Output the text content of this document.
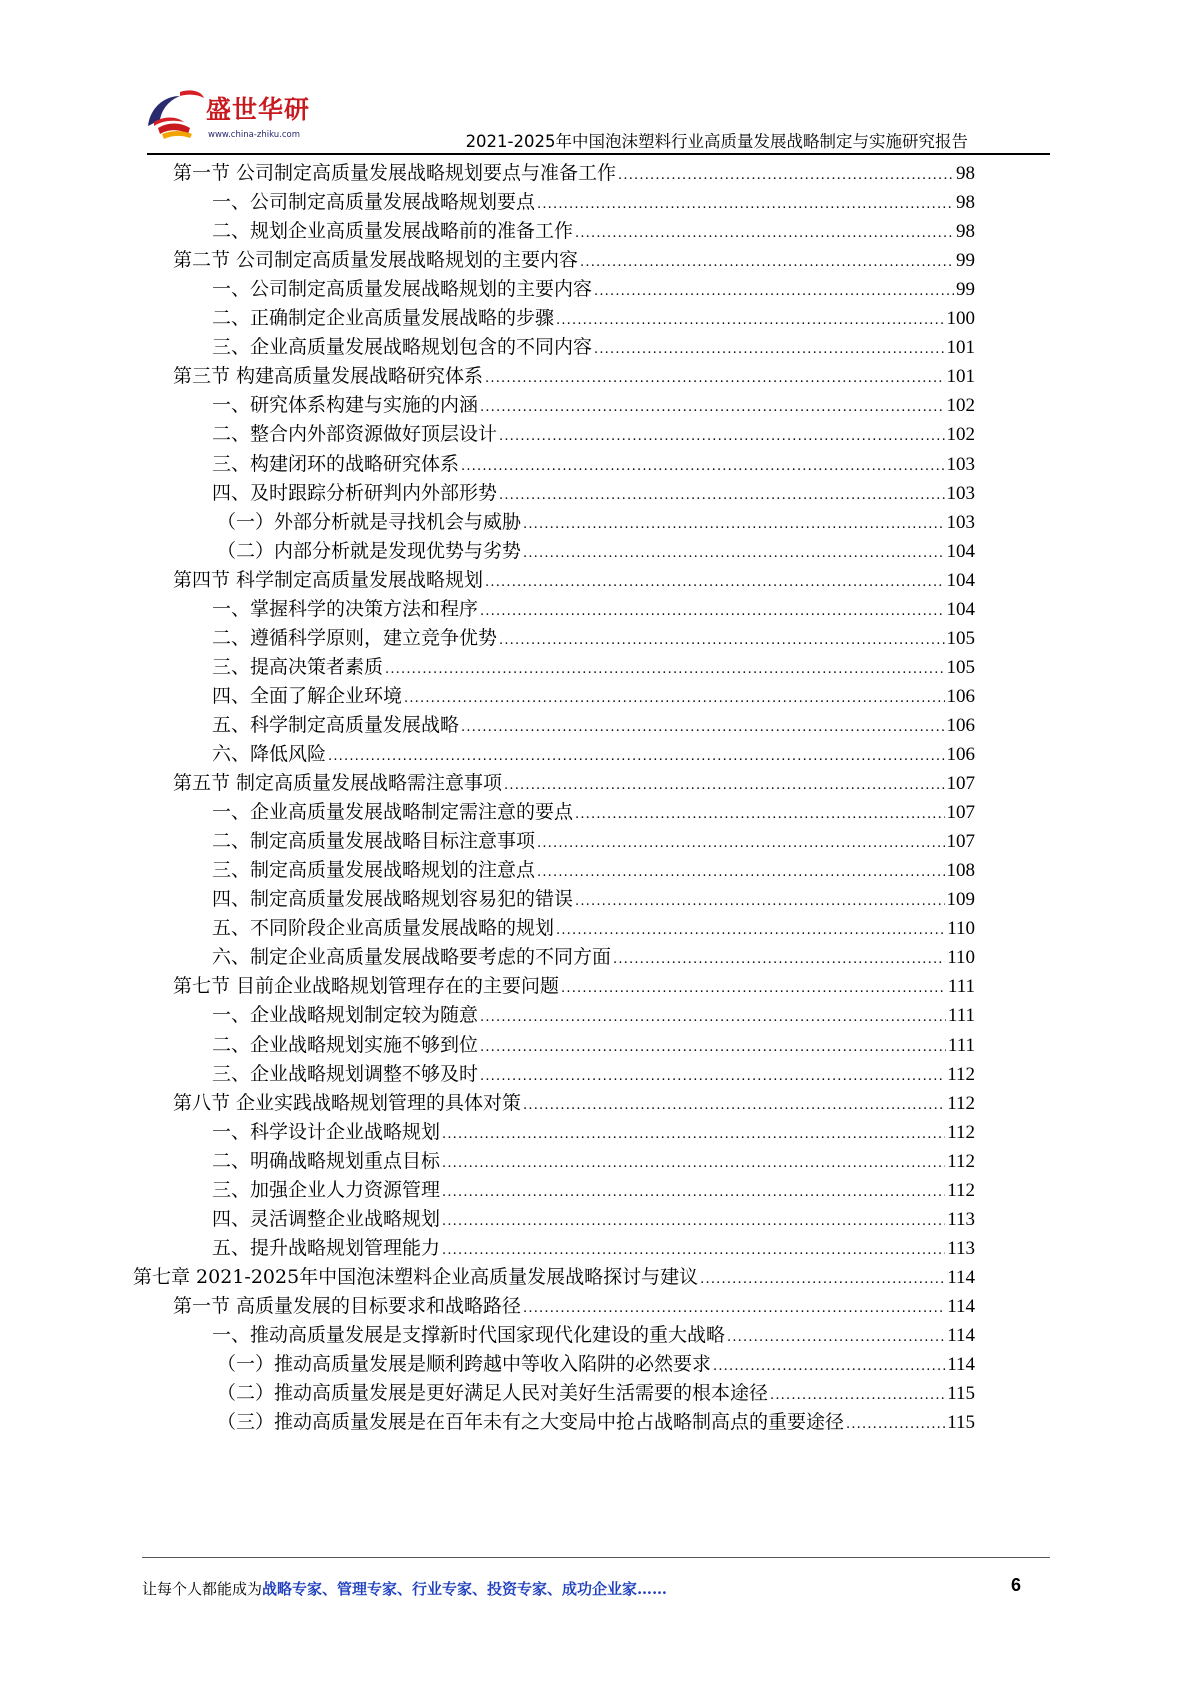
盛世华研
www.china-zhiku.com	2021-2025年中国泡沫塑料行业高质量发展战略制定与实施研究报告
第一节 公司制定高质量发展战略规划要点与准备工作 .....	98
一、公司制定高质量发展战略规划要点 .....	98
二、规划企业高质量发展战略前的准备工作 .....	98
第二节 公司制定高质量发展战略规划的主要内容 .....	99
一、公司制定高质量发展战略规划的主要内容 .....	99
二、正确制定企业高质量发展战略的步骤 .....	100
三、企业高质量发展战略规划包含的不同内容 .....	101
第三节 构建高质量发展战略研究体系 .....	101
一、研究体系构建与实施的内涵 .....	102
二、整合内外部资源做好顶层设计 .....	102
三、构建闭环的战略研究体系 .....	103
四、及时跟踪分析研判内外部形势 .....	103
（一）外部分析就是寻找机会与威胁 .....	103
（二）内部分析就是发现优势与劣势 .....	104
第四节 科学制定高质量发展战略规划 .....	104
一、掌握科学的决策方法和程序 .....	104
二、遵循科学原则，建立竞争优势 .....	105
三、提高决策者素质 .....	105
四、全面了解企业环境 .....	106
五、科学制定高质量发展战略 .....	106
六、降低风险 .....	106
第五节 制定高质量发展战略需注意事项 .....	107
一、企业高质量发展战略制定需注意的要点 .....	107
二、制定高质量发展战略目标注意事项 .....	107
三、制定高质量发展战略规划的注意点 .....	108
四、制定高质量发展战略规划容易犯的错误 .....	109
五、不同阶段企业高质量发展战略的规划 .....	110
六、制定企业高质量发展战略要考虑的不同方面 .....	110
第七节 目前企业战略规划管理存在的主要问题 .....	111
一、企业战略规划制定较为随意 .....	111
二、企业战略规划实施不够到位 .....	111
三、企业战略规划调整不够及时 .....	112
第八节 企业实践战略规划管理的具体对策 .....	112
一、科学设计企业战略规划 .....	112
二、明确战略规划重点目标 .....	112
三、加强企业人力资源管理 .....	112
四、灵活调整企业战略规划 .....	113
五、提升战略规划管理能力 .....	113
第七章 2021-2025年中国泡沫塑料企业高质量发展战略探讨与建议 .....	114
第一节 高质量发展的目标要求和战略路径 .....	114
一、推动高质量发展是支撑新时代国家现代化建设的重大战略 .....	114
（一）推动高质量发展是顺利跨越中等收入陷阱的必然要求 .....	114
（二）推动高质量发展是更好满足人民对美好生活需要的根本途径 .....	115
（三）推动高质量发展是在百年未有之大变局中抢占战略制高点的重要途径 .....	115
让每个人都能成为战略专家、管理专家、行业专家、投资专家、成功企业家……	6
